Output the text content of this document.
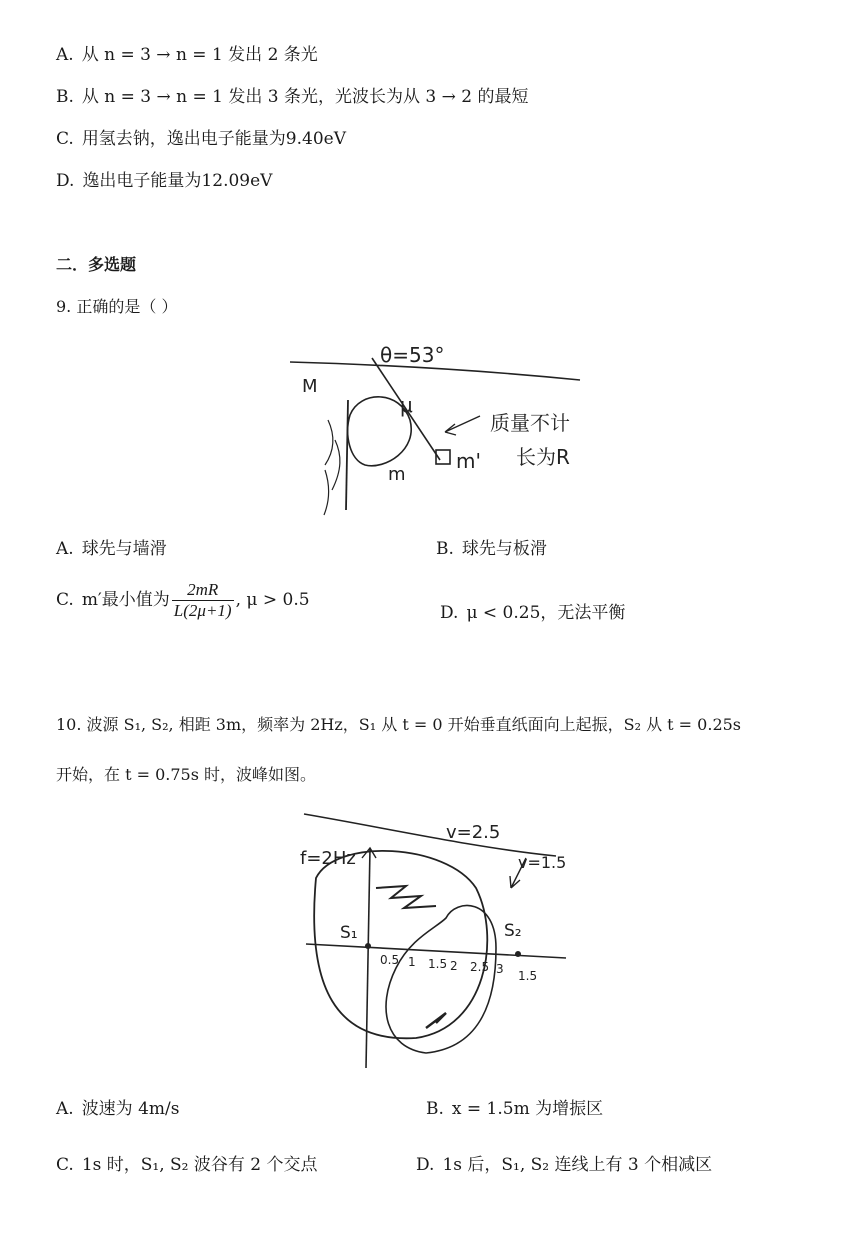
A. 从 n = 3 → n = 1 发出 2 条光
B. 从 n = 3 → n = 1 发出 3 条光，光波长为从 3 → 2 的最短
C. 用氢去钠，逸出电子能量为9.40eV
D. 逸出电子能量为12.09eV
二．多选题
9. 正确的是（ ）
θ=53°
M
μ
质量不计
m' 长为R
m
A. 球先与墙滑	B. 球先与板滑
C. m′最小值为 $\frac{2mR}{L(2\mu+1)}$ , μ > 0.5
D. μ < 0.25，无法平衡
10. 波源 S₁, S₂, 相距 3m，频率为 2Hz，S₁ 从 t = 0 开始垂直纸面向上起振，S₂ 从 t = 0.25s
开始，在 t = 0.75s 时，波峰如图。
f=2Hz
v=2.5
v=1.5
S₁	S₂
0.5 1 1.5 2 2.5 3 1.5
A. 波速为 4m/s	B. x = 1.5m 为增振区
C. 1s 时，S₁, S₂ 波谷有 2 个交点	D. 1s 后，S₁, S₂ 连线上有 3 个相减区
